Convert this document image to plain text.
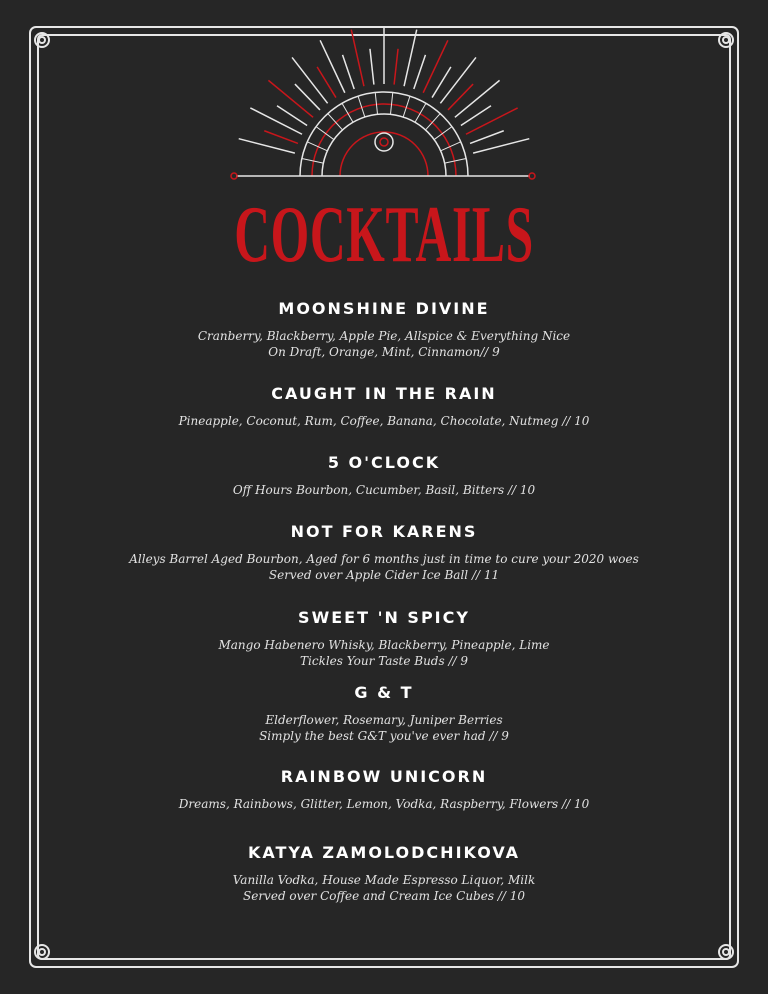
COCKTAILS

MOONSHINE DIVINE

Cranberry, Blackberry, Apple Pie, Allspice & Everything Nice

On Draft, Orange, Mint, Cinnamon// 9

CAUGHT IN THE RAIN

Pineapple, Coconut, Rum, Coffee, Banana, Chocolate, Nutmeg // 10

5 O'CLOCK

Off Hours Bourbon, Cucumber, Basil, Bitters // 10

NOT FOR KARENS

Alleys Barrel Aged Bourbon, Aged for 6 months just in time to cure your 2020 woes

Served over Apple Cider Ice Ball // 11

SWEET 'N SPICY

Mango Habenero Whisky, Blackberry, Pineapple, Lime

Tickles Your Taste Buds // 9

G & T

Elderflower, Rosemary, Juniper Berries

Simply the best G&T you've ever had // 9

RAINBOW UNICORN

Dreams, Rainbows, Glitter, Lemon, Vodka, Raspberry, Flowers // 10

KATYA ZAMOLODCHIKOVA

Vanilla Vodka, House Made Espresso Liquor, Milk

Served over Coffee and Cream Ice Cubes // 10
